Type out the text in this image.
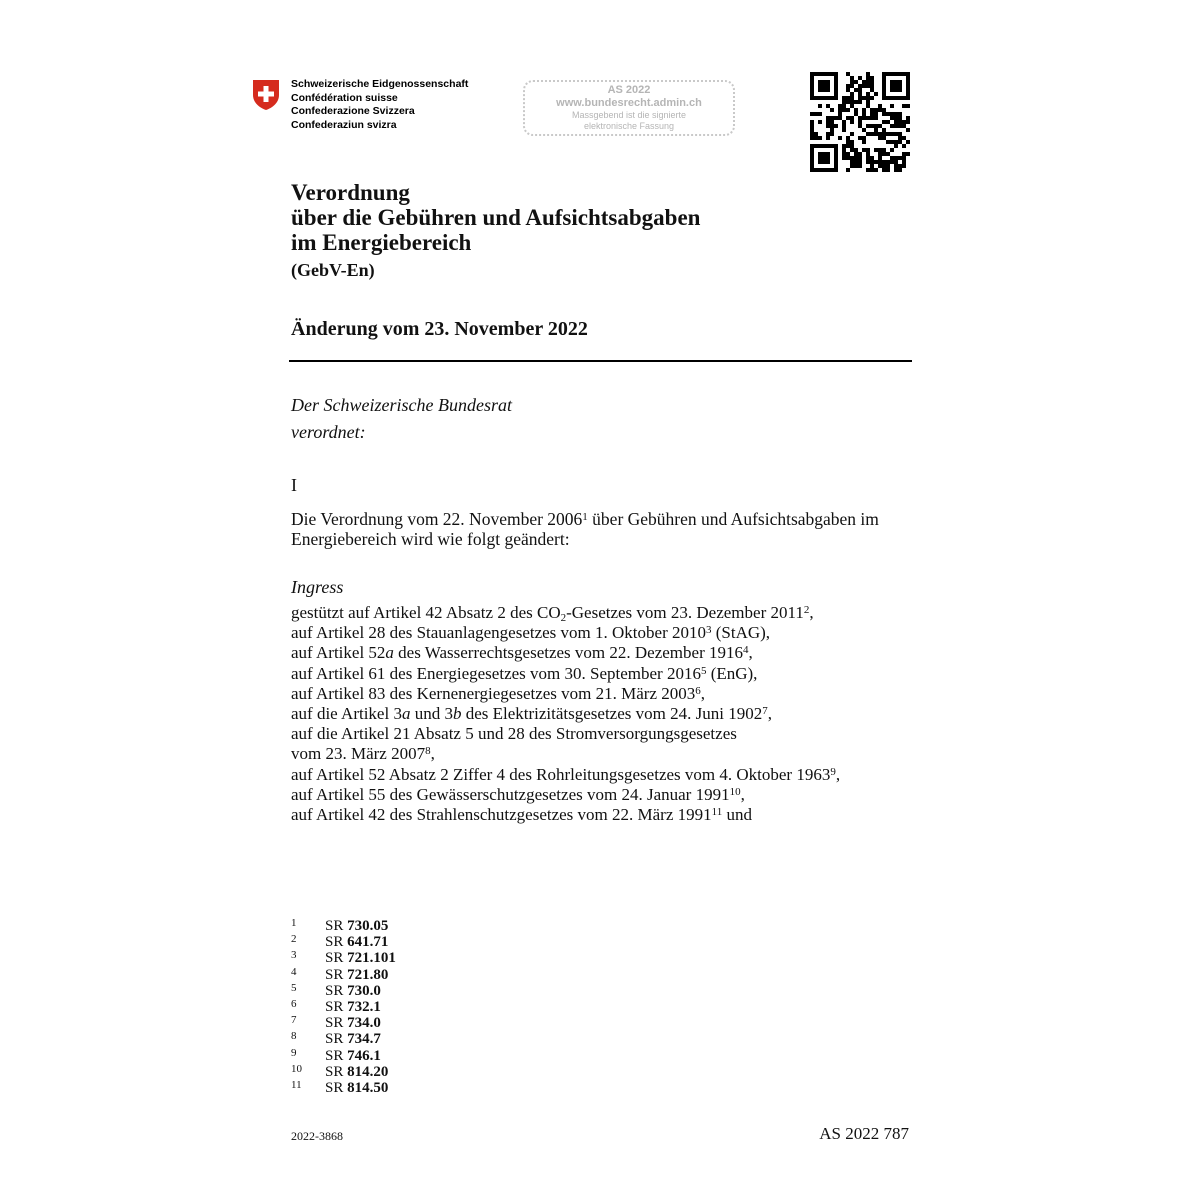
Schweizerische Eidgenossenschaft
Confédération suisse
Confederazione Svizzera
Confederaziun svizra
AS 2022
www.bundesrecht.admin.ch
Massgebend ist die signierte
elektronische Fassung
Verordnung
über die Gebühren und Aufsichtsabgaben
im Energiebereich
(GebV-En)
Änderung vom 23. November 2022
Der Schweizerische Bundesrat
verordnet:
I
Die Verordnung vom 22. November 2006$^1$ über Gebühren und Aufsichtsabgaben im Energiebereich wird wie folgt geändert:
Ingress
gestützt auf Artikel 42 Absatz 2 des $CO_2$-Gesetzes vom 23. Dezember 2011$^2$,
auf Artikel 28 des Stauanlagengesetzes vom 1. Oktober 2010$^3$ (StAG),
auf Artikel 52a des Wasserrechtsgesetzes vom 22. Dezember 1916$^4$,
auf Artikel 61 des Energiegesetzes vom 30. September 2016$^5$ (EnG),
auf Artikel 83 des Kernenergiegesetzes vom 21. März 2003$^6$,
auf die Artikel 3a und 3b des Elektrizitätsgesetzes vom 24. Juni 1902$^7$,
auf die Artikel 21 Absatz 5 und 28 des Stromversorgungsgesetzes
vom 23. März 2007$^8$,
auf Artikel 52 Absatz 2 Ziffer 4 des Rohrleitungsgesetzes vom 4. Oktober 1963$^9$,
auf Artikel 55 des Gewässerschutzgesetzes vom 24. Januar 1991$^{10}$,
auf Artikel 42 des Strahlenschutzgesetzes vom 22. März 1991$^{11}$ und
1 SR 730.05
2 SR 641.71
3 SR 721.101
4 SR 721.80
5 SR 730.0
6 SR 732.1
7 SR 734.0
8 SR 734.7
9 SR 746.1
10 SR 814.20
11 SR 814.50
2022-3868	AS 2022 787
